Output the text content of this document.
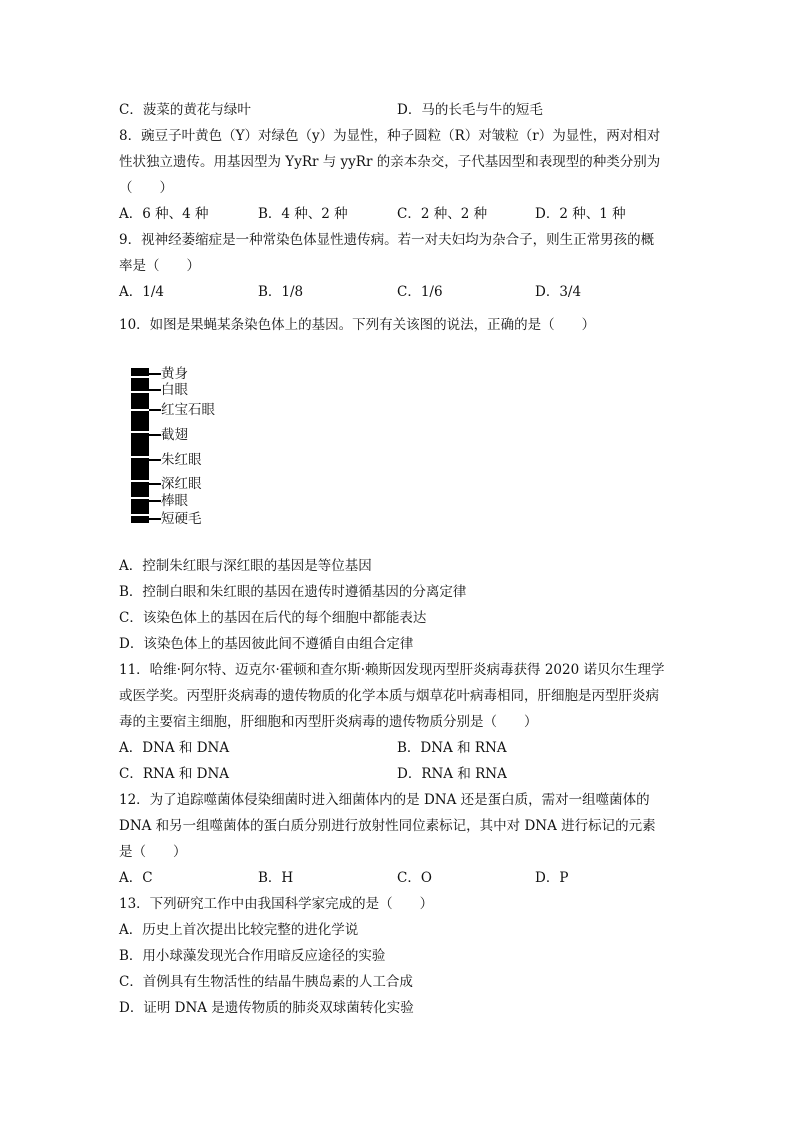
C．菠菜的黄花与绿叶	D．马的长毛与牛的短毛
8．豌豆子叶黄色（Y）对绿色（y）为显性，种子圆粒（R）对皱粒（r）为显性，两对相对
性状独立遗传。用基因型为 YyRr 与 yyRr 的亲本杂交，子代基因型和表现型的种类分别为
（　　）
A．6 种、4 种	B．4 种、2 种	C．2 种、2 种	D．2 种、1 种
9．视神经萎缩症是一种常染色体显性遗传病。若一对夫妇均为杂合子，则生正常男孩的概
率是（　　）
A．1/4	B．1/8	C．1/6	D．3/4
10．如图是果蝇某条染色体上的基因。下列有关该图的说法，正确的是（　　）
黄身
白眼
红宝石眼
截翅
朱红眼
深红眼
棒眼
短硬毛
A．控制朱红眼与深红眼的基因是等位基因
B．控制白眼和朱红眼的基因在遗传时遵循基因的分离定律
C．该染色体上的基因在后代的每个细胞中都能表达
D．该染色体上的基因彼此间不遵循自由组合定律
11．哈维·阿尔特、迈克尔·霍顿和查尔斯·赖斯因发现丙型肝炎病毒获得 2020 诺贝尔生理学
或医学奖。丙型肝炎病毒的遗传物质的化学本质与烟草花叶病毒相同，肝细胞是丙型肝炎病
毒的主要宿主细胞，肝细胞和丙型肝炎病毒的遗传物质分别是（　　）
A．DNA 和 DNA	B．DNA 和 RNA
C．RNA 和 DNA	D．RNA 和 RNA
12．为了追踪噬菌体侵染细菌时进入细菌体内的是 DNA 还是蛋白质，需对一组噬菌体的
DNA 和另一组噬菌体的蛋白质分别进行放射性同位素标记，其中对 DNA 进行标记的元素
是（　　）
A．C	B．H	C．O	D．P
13．下列研究工作中由我国科学家完成的是（　　）
A．历史上首次提出比较完整的进化学说
B．用小球藻发现光合作用暗反应途径的实验
C．首例具有生物活性的结晶牛胰岛素的人工合成
D．证明 DNA 是遗传物质的肺炎双球菌转化实验
